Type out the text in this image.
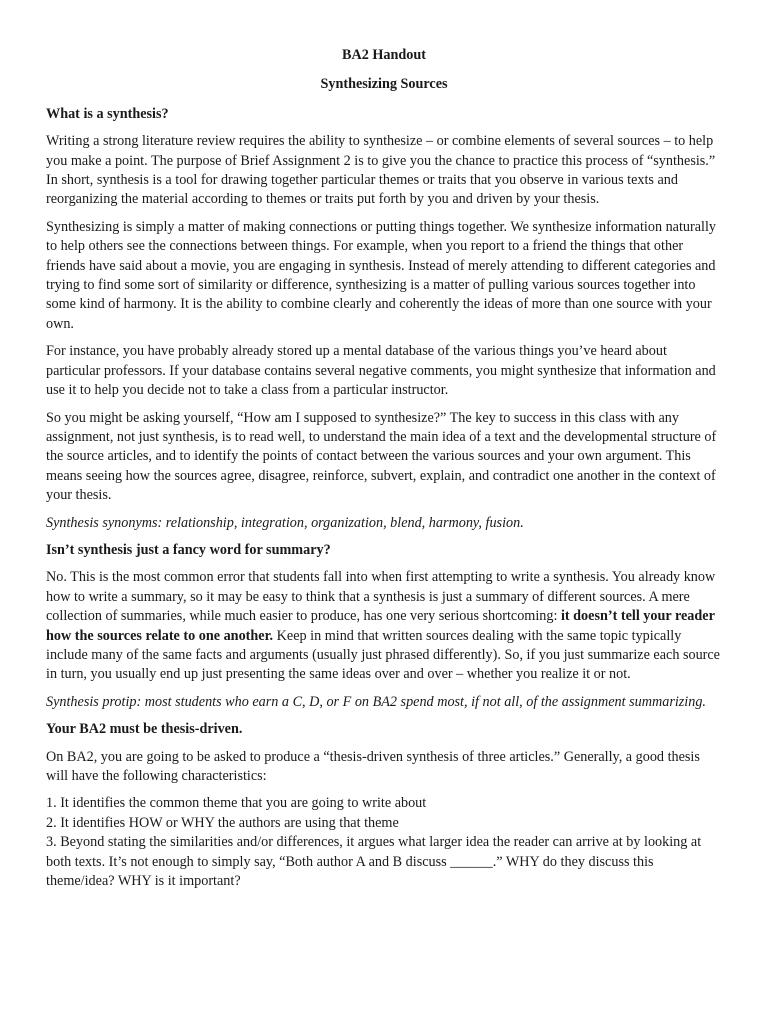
BA2 Handout
Synthesizing Sources
What is a synthesis?

Writing a strong literature review requires the ability to synthesize – or combine elements of several sources – to help you make a point. The purpose of Brief Assignment 2 is to give you the chance to practice this process of “synthesis.” In short, synthesis is a tool for drawing together particular themes or traits that you observe in various texts and reorganizing the material according to themes or traits put forth by you and driven by your thesis.

Synthesizing is simply a matter of making connections or putting things together. We synthesize information naturally to help others see the connections between things. For example, when you report to a friend the things that other friends have said about a movie, you are engaging in synthesis. Instead of merely attending to different categories and trying to find some sort of similarity or difference, synthesizing is a matter of pulling various sources together into some kind of harmony. It is the ability to combine clearly and coherently the ideas of more than one source with your own.

For instance, you have probably already stored up a mental database of the various things you’ve heard about particular professors. If your database contains several negative comments, you might synthesize that information and use it to help you decide not to take a class from a particular instructor.

So you might be asking yourself, “How am I supposed to synthesize?” The key to success in this class with any assignment, not just synthesis, is to read well, to understand the main idea of a text and the developmental structure of the source articles, and to identify the points of contact between the various sources and your own argument. This means seeing how the sources agree, disagree, reinforce, subvert, explain, and contradict one another in the context of your thesis.

Synthesis synonyms: relationship, integration, organization, blend, harmony, fusion.

Isn’t synthesis just a fancy word for summary?

No. This is the most common error that students fall into when first attempting to write a synthesis. You already know how to write a summary, so it may be easy to think that a synthesis is just a summary of different sources. A mere collection of summaries, while much easier to produce, has one very serious shortcoming: it doesn’t tell your reader how the sources relate to one another. Keep in mind that written sources dealing with the same topic typically include many of the same facts and arguments (usually just phrased differently). So, if you just summarize each source in turn, you usually end up just presenting the same ideas over and over – whether you realize it or not.

Synthesis protip: most students who earn a C, D, or F on BA2 spend most, if not all, of the assignment summarizing.

Your BA2 must be thesis-driven.

On BA2, you are going to be asked to produce a “thesis-driven synthesis of three articles.” Generally, a good thesis will have the following characteristics:

1. It identifies the common theme that you are going to write about
2. It identifies HOW or WHY the authors are using that theme
3. Beyond stating the similarities and/or differences, it argues what larger idea the reader can arrive at by looking at both texts. It’s not enough to simply say, “Both author A and B discuss ______.” WHY do they discuss this theme/idea? WHY is it important?
